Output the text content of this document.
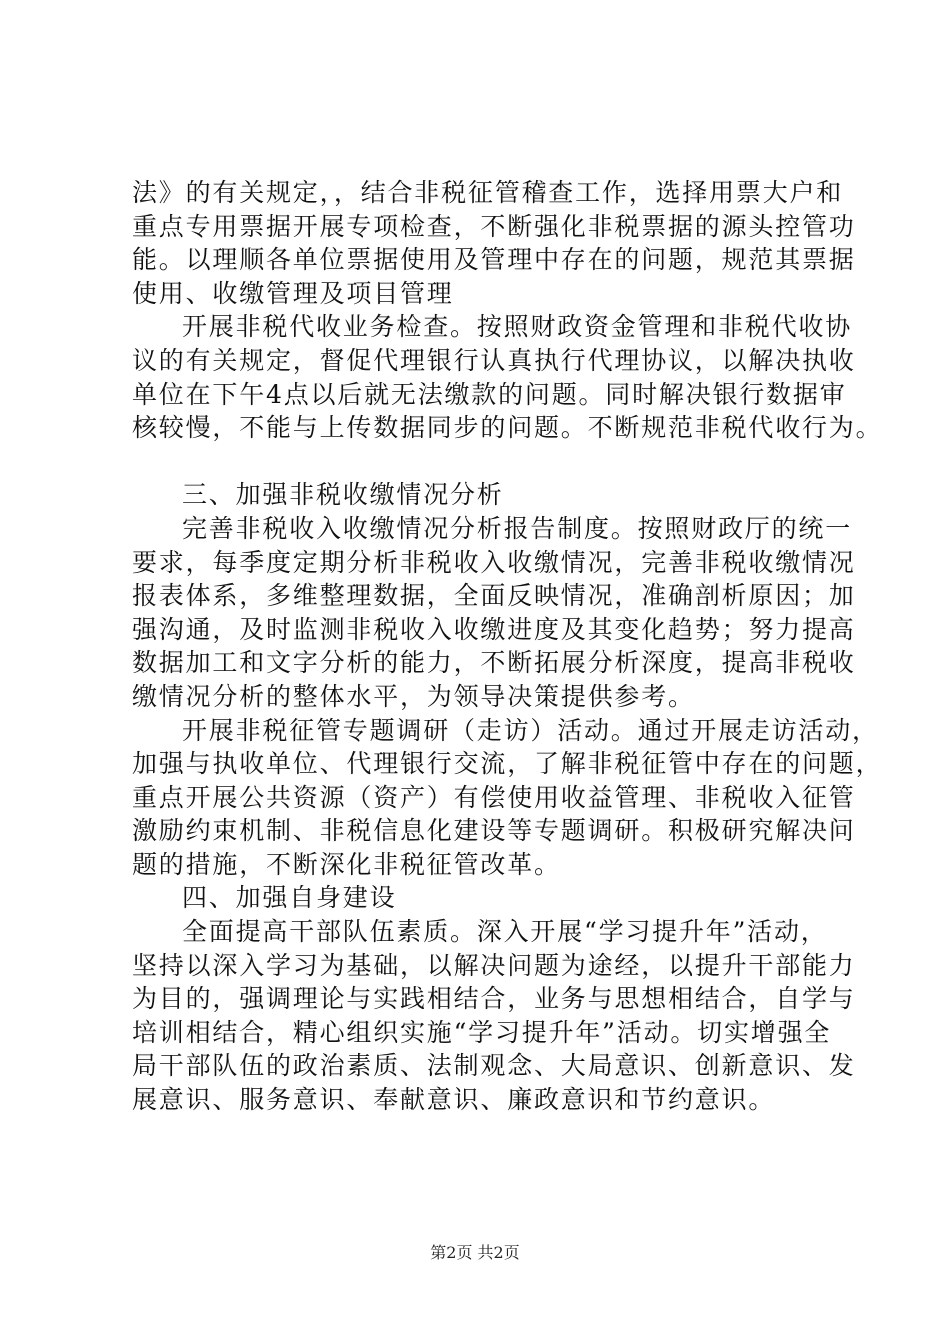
法》的有关规定，，结合非税征管稽查工作，选择用票大户和
重点专用票据开展专项检查，不断强化非税票据的源头控管功
能。以理顺各单位票据使用及管理中存在的问题，规范其票据
使用、收缴管理及项目管理
开展非税代收业务检查。按照财政资金管理和非税代收协
议的有关规定，督促代理银行认真执行代理协议，以解决执收
单位在下午4点以后就无法缴款的问题。同时解决银行数据审
核较慢，不能与上传数据同步的问题。不断规范非税代收行为。
三、加强非税收缴情况分析
完善非税收入收缴情况分析报告制度。按照财政厅的统一
要求，每季度定期分析非税收入收缴情况，完善非税收缴情况
报表体系，多维整理数据，全面反映情况，准确剖析原因；加
强沟通，及时监测非税收入收缴进度及其变化趋势；努力提高
数据加工和文字分析的能力，不断拓展分析深度，提高非税收
缴情况分析的整体水平，为领导决策提供参考。
开展非税征管专题调研（走访）活动。通过开展走访活动，
加强与执收单位、代理银行交流，了解非税征管中存在的问题，
重点开展公共资源（资产）有偿使用收益管理、非税收入征管
激励约束机制、非税信息化建设等专题调研。积极研究解决问
题的措施，不断深化非税征管改革。
四、加强自身建设
全面提高干部队伍素质。深入开展“学习提升年”活动，
坚持以深入学习为基础，以解决问题为途经，以提升干部能力
为目的，强调理论与实践相结合，业务与思想相结合，自学与
培训相结合，精心组织实施“学习提升年”活动。切实增强全
局干部队伍的政治素质、法制观念、大局意识、创新意识、发
展意识、服务意识、奉献意识、廉政意识和节约意识。
第2页 共2页
